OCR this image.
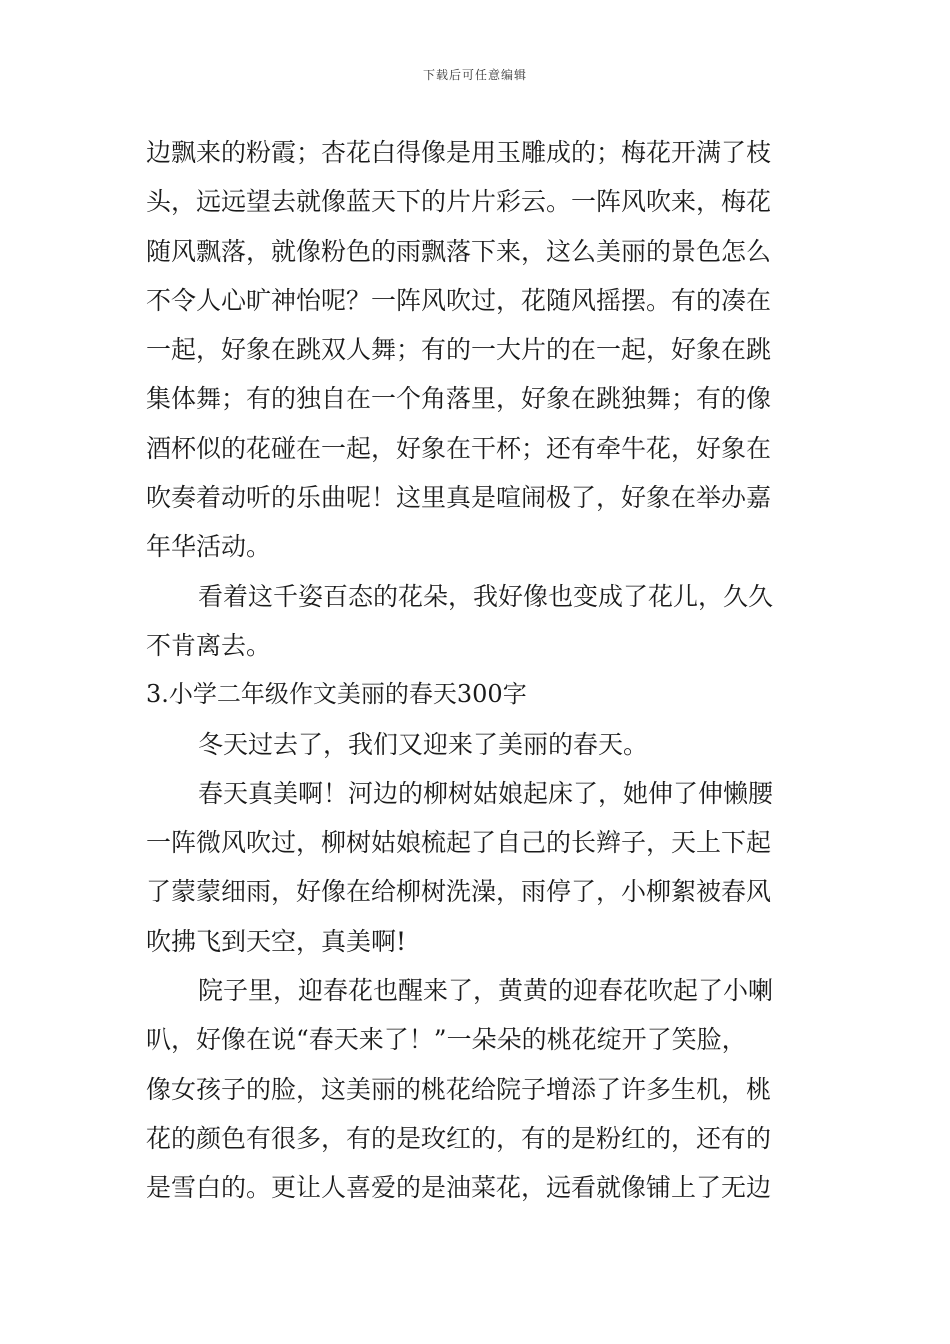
下载后可任意编辑
边飘来的粉霞；杏花白得像是用玉雕成的；梅花开满了枝
头，远远望去就像蓝天下的片片彩云。一阵风吹来，梅花
随风飘落，就像粉色的雨飘落下来，这么美丽的景色怎么
不令人心旷神怡呢？一阵风吹过，花随风摇摆。有的凑在
一起，好象在跳双人舞；有的一大片的在一起，好象在跳
集体舞；有的独自在一个角落里，好象在跳独舞；有的像
酒杯似的花碰在一起，好象在干杯；还有牵牛花，好象在
吹奏着动听的乐曲呢！这里真是喧闹极了，好象在举办嘉
年华活动。
看着这千姿百态的花朵，我好像也变成了花儿，久久
不肯离去。
3.小学二年级作文美丽的春天300字
冬天过去了，我们又迎来了美丽的春天。
春天真美啊！河边的柳树姑娘起床了，她伸了伸懒腰
一阵微风吹过，柳树姑娘梳起了自己的长辫子，天上下起
了蒙蒙细雨，好像在给柳树洗澡，雨停了，小柳絮被春风
吹拂飞到天空，真美啊!
院子里，迎春花也醒来了，黄黄的迎春花吹起了小喇
叭，好像在说“春天来了！”一朵朵的桃花绽开了笑脸，
像女孩子的脸，这美丽的桃花给院子增添了许多生机，桃
花的颜色有很多，有的是玫红的，有的是粉红的，还有的
是雪白的。更让人喜爱的是油菜花，远看就像铺上了无边
